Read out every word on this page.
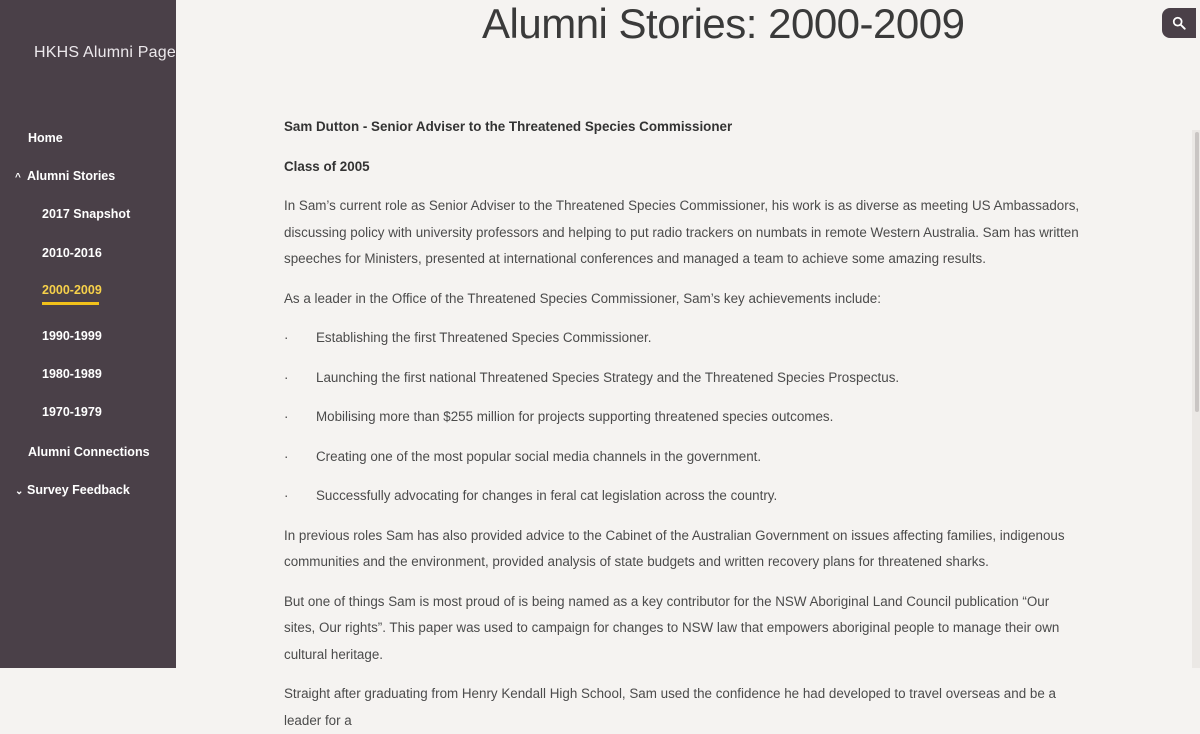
HKHS Alumni Page
Home
^ Alumni Stories
2017 Snapshot
2010-2016
2000-2009
1990-1999
1980-1989
1970-1979
Alumni Connections
⌄ Survey Feedback
Alumni Stories: 2000-2009

Sam Dutton - Senior Adviser to the Threatened Species Commissioner

Class of 2005

In Sam’s current role as Senior Adviser to the Threatened Species Commissioner, his work is as diverse as meeting US Ambassadors, discussing policy with university professors and helping to put radio trackers on numbats in remote Western Australia. Sam has written speeches for Ministers, presented at international conferences and managed a team to achieve some amazing results.

As a leader in the Office of the Threatened Species Commissioner, Sam’s key achievements include:

· Establishing the first Threatened Species Commissioner.

· Launching the first national Threatened Species Strategy and the Threatened Species Prospectus.

· Mobilising more than $255 million for projects supporting threatened species outcomes.

· Creating one of the most popular social media channels in the government.

· Successfully advocating for changes in feral cat legislation across the country.

In previous roles Sam has also provided advice to the Cabinet of the Australian Government on issues affecting families, indigenous communities and the environment, provided analysis of state budgets and written recovery plans for threatened sharks.

But one of things Sam is most proud of is being named as a key contributor for the NSW Aboriginal Land Council publication “Our sites, Our rights”. This paper was used to campaign for changes to NSW law that empowers aboriginal people to manage their own cultural heritage.

Straight after graduating from Henry Kendall High School, Sam used the confidence he had developed to travel overseas and be a leader for a
